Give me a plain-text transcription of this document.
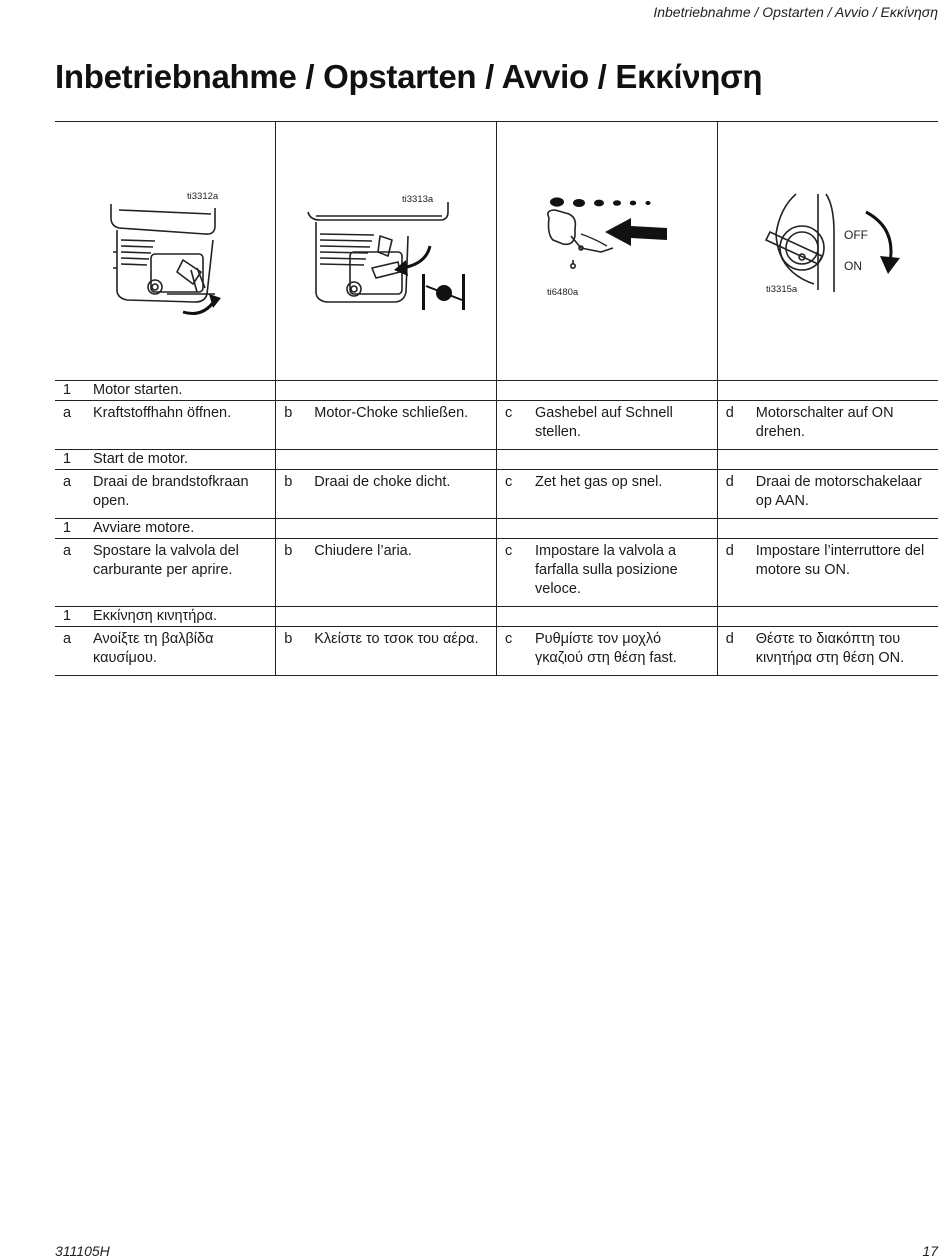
Inbetriebnahme / Opstarten / Avvio / Εκκίνηση
Inbetriebnahme / Opstarten / Avvio / Εκκίνηση
ti3312a	ti3313a	ti6480a	OFF
ON
ti3315a

1 Motor starten.			

a Kraftstoffhahn öffnen.	b Motor-Choke schließen.	c Gashebel auf Schnell stellen.	d Motorschalter auf ON drehen.

1 Start de motor.			

a Draai de brandstofkraan open.	b Draai de choke dicht.	c Zet het gas op snel.	d Draai de motorschakelaar op AAN.

1 Avviare motore.			

a Spostare la valvola del carburante per aprire.	b Chiudere l’aria.	c Impostare la valvola a farfalla sulla posizione veloce.	d Impostare l’interruttore del motore su ON.

1 Εκκίνηση κινητήρα.			

a Ανοίξτε τη βαλβίδα καυσίμου.	b Κλείστε το τσοκ του αέρα.	c Ρυθμίστε τον μοχλό γκαζιού στη θέση fast.	d Θέστε το διακόπτη του κινητήρα στη θέση ON.
311105H	17
